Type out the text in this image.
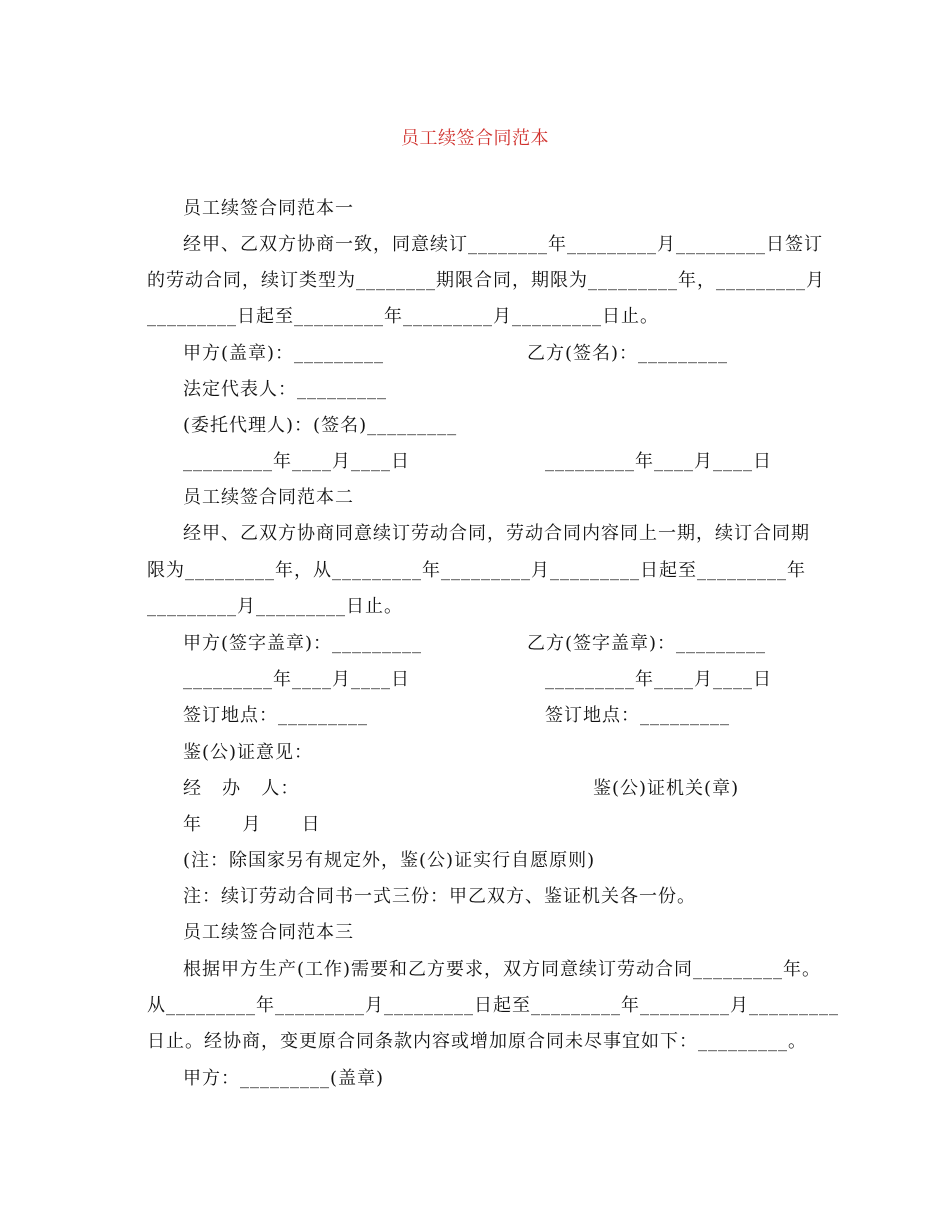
员工续签合同范本
员工续签合同范本一
经甲、乙双方协商一致，同意续订________年_________月_________日签订
的劳动合同，续订类型为________期限合同，期限为_________年，_________月
_________日起至_________年_________月_________日止。
甲方(盖章)：_________	乙方(签名)：_________
法定代表人：_________
(委托代理人)：(签名)_________
_________年____月____日	_________年____月____日
员工续签合同范本二
经甲、乙双方协商同意续订劳动合同，劳动合同内容同上一期，续订合同期
限为_________年，从_________年_________月_________日起至_________年
_________月_________日止。
甲方(签字盖章)：_________	乙方(签字盖章)：_________
_________年____月____日	_________年____月____日
签订地点：_________	签订地点：_________
鉴(公)证意见：
经   办   人：	鉴(公)证机关(章)
年      月      日
(注：除国家另有规定外，鉴(公)证实行自愿原则)
注：续订劳动合同书一式三份：甲乙双方、鉴证机关各一份。
员工续签合同范本三
根据甲方生产(工作)需要和乙方要求，双方同意续订劳动合同_________年。
从_________年_________月_________日起至_________年_________月_________
日止。经协商，变更原合同条款内容或增加原合同未尽事宜如下：_________。
甲方：_________(盖章)
